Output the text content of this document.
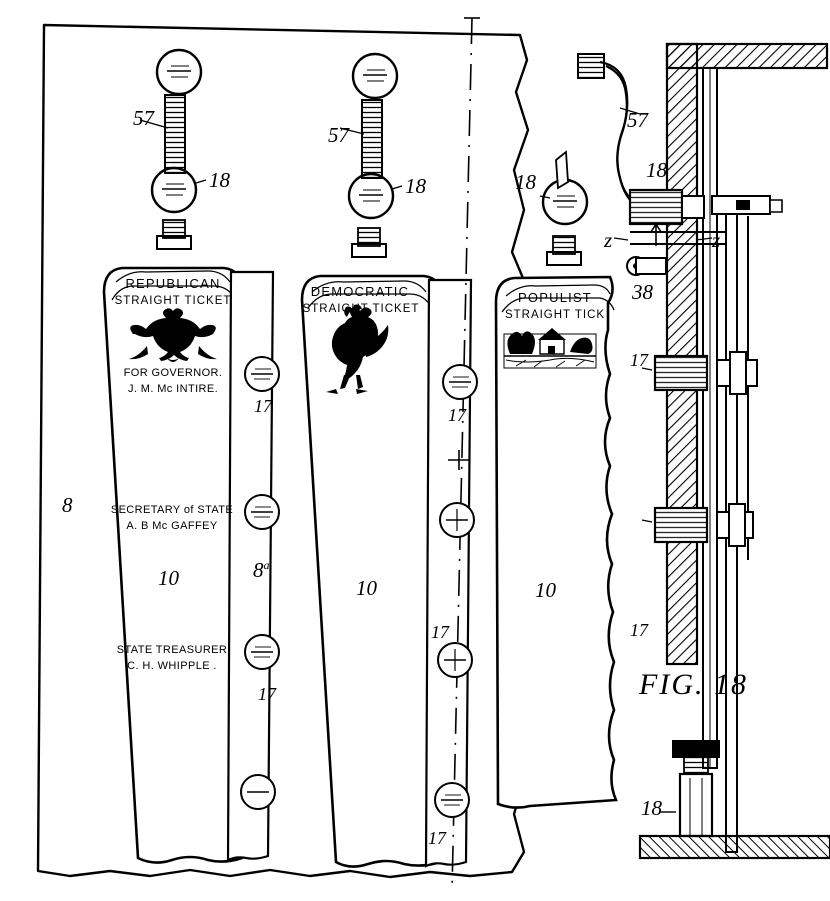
REPUBLICAN
STRAIGHT TICKET
FOR GOVERNOR.
J. M. Mc INTIRE.
SECRETARY of STATE
A. B Mc GAFFEY
STATE TREASURER
C. H. WHIPPLE .
DEMOCRATIC
STRAIGHT TICKET
POPULIST
STRAIGHT TICK
57
57
57
18	18	18	18
18
8
8$^a$
10	10	10
17	17
17
17
17
17
17
38
z	z
FIG. 18
